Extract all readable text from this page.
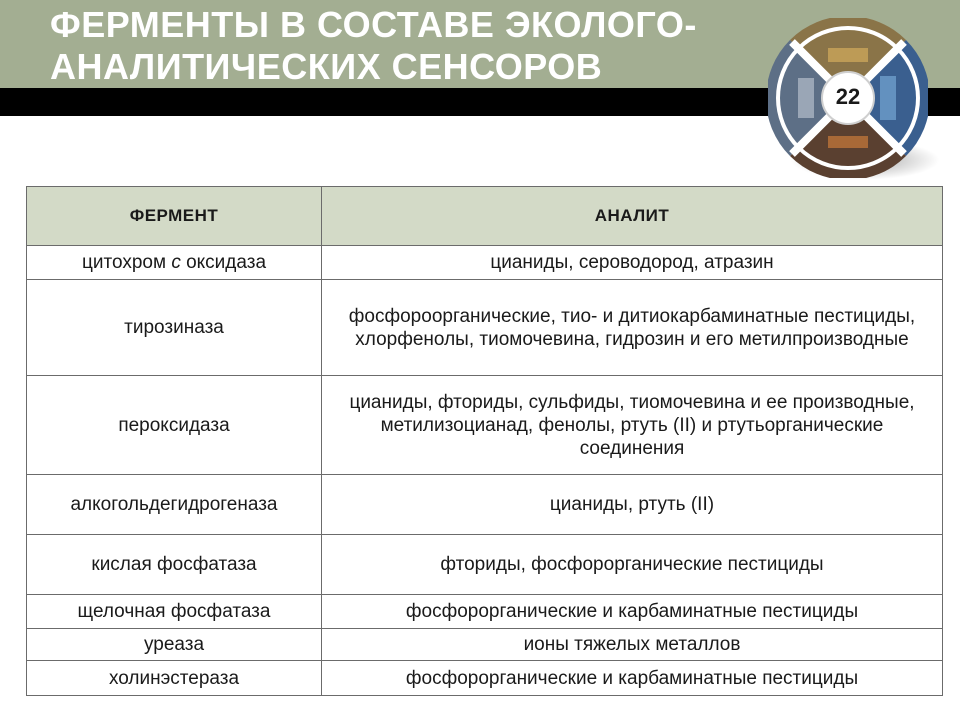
ФЕРМЕНТЫ В СОСТАВЕ ЭКОЛОГО-
АНАЛИТИЧЕСКИХ СЕНСОРОВ
22
ФЕРМЕНТ	АНАЛИТ
цитохром с оксидаза	цианиды, сероводород, атразин
тирозиназа	фосфороорганические, тио- и дитиокарбаминатные пестициды, хлорфенолы, тиомочевина, гидрозин и его метилпроизводные
пероксидаза	цианиды, фториды, сульфиды, тиомочевина и ее производные, метилизоцианад, фенолы, ртуть (II) и ртутьорганические соединения
алкогольдегидрогеназа	цианиды, ртуть (II)
кислая фосфатаза	фториды, фосфорорганические пестициды
щелочная фосфатаза	фосфорорганические и карбаминатные пестициды
уреаза	ионы тяжелых металлов
холинэстераза	фосфорорганические и карбаминатные пестициды
